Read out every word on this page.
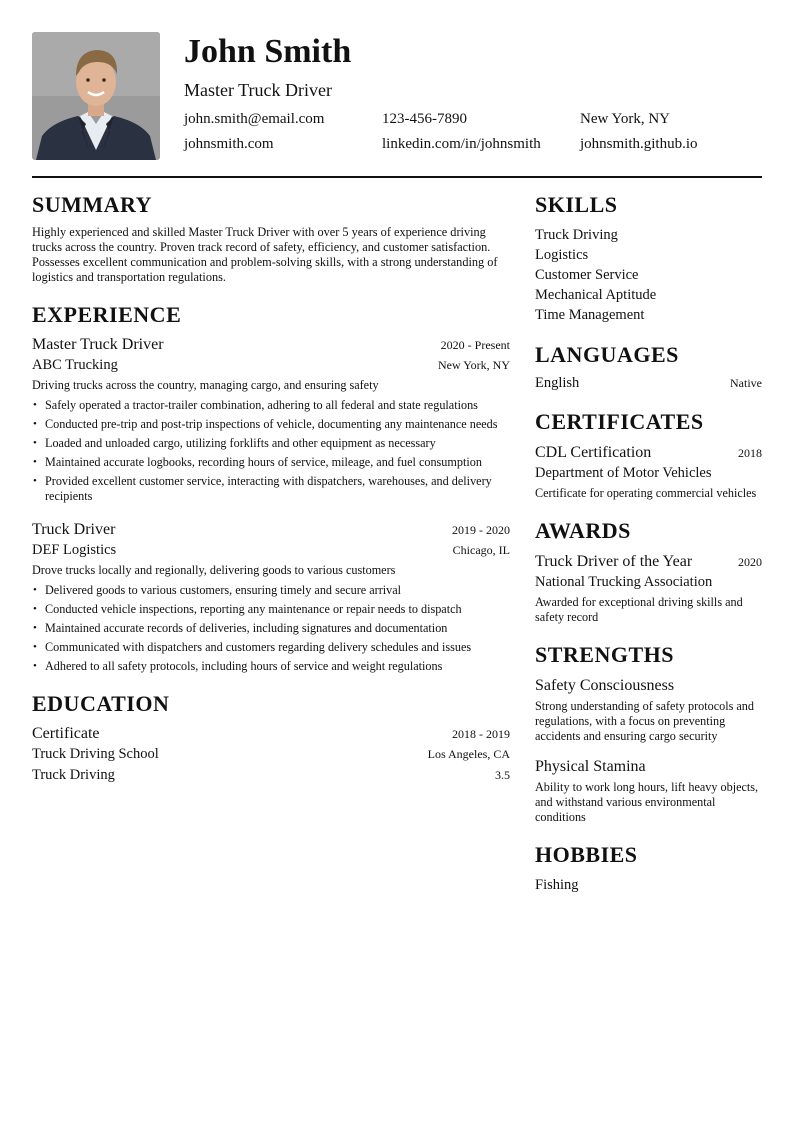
John Smith
Master Truck Driver
john.smith@email.com	123-456-7890	New York, NY
johnsmith.com	linkedin.com/in/johnsmith	johnsmith.github.io
SUMMARY
Highly experienced and skilled Master Truck Driver with over 5 years of experience driving trucks across the country. Proven track record of safety, efficiency, and customer satisfaction. Possesses excellent communication and problem-solving skills, with a strong understanding of logistics and transportation regulations.
EXPERIENCE
Master Truck Driver	2020 - Present
ABC Trucking	New York, NY
Driving trucks across the country, managing cargo, and ensuring safety
• Safely operated a tractor-trailer combination, adhering to all federal and state regulations
• Conducted pre-trip and post-trip inspections of vehicle, documenting any maintenance needs
• Loaded and unloaded cargo, utilizing forklifts and other equipment as necessary
• Maintained accurate logbooks, recording hours of service, mileage, and fuel consumption
• Provided excellent customer service, interacting with dispatchers, warehouses, and delivery recipients
Truck Driver	2019 - 2020
DEF Logistics	Chicago, IL
Drove trucks locally and regionally, delivering goods to various customers
• Delivered goods to various customers, ensuring timely and secure arrival
• Conducted vehicle inspections, reporting any maintenance or repair needs to dispatch
• Maintained accurate records of deliveries, including signatures and documentation
• Communicated with dispatchers and customers regarding delivery schedules and issues
• Adhered to all safety protocols, including hours of service and weight regulations
EDUCATION
Certificate	2018 - 2019
Truck Driving School	Los Angeles, CA
Truck Driving	3.5
SKILLS
Truck Driving
Logistics
Customer Service
Mechanical Aptitude
Time Management
LANGUAGES
English	Native
CERTIFICATES
CDL Certification	2018
Department of Motor Vehicles
Certificate for operating commercial vehicles
AWARDS
Truck Driver of the Year	2020
National Trucking Association
Awarded for exceptional driving skills and safety record
STRENGTHS
Safety Consciousness
Strong understanding of safety protocols and regulations, with a focus on preventing accidents and ensuring cargo security
Physical Stamina
Ability to work long hours, lift heavy objects, and withstand various environmental conditions
HOBBIES
Fishing
